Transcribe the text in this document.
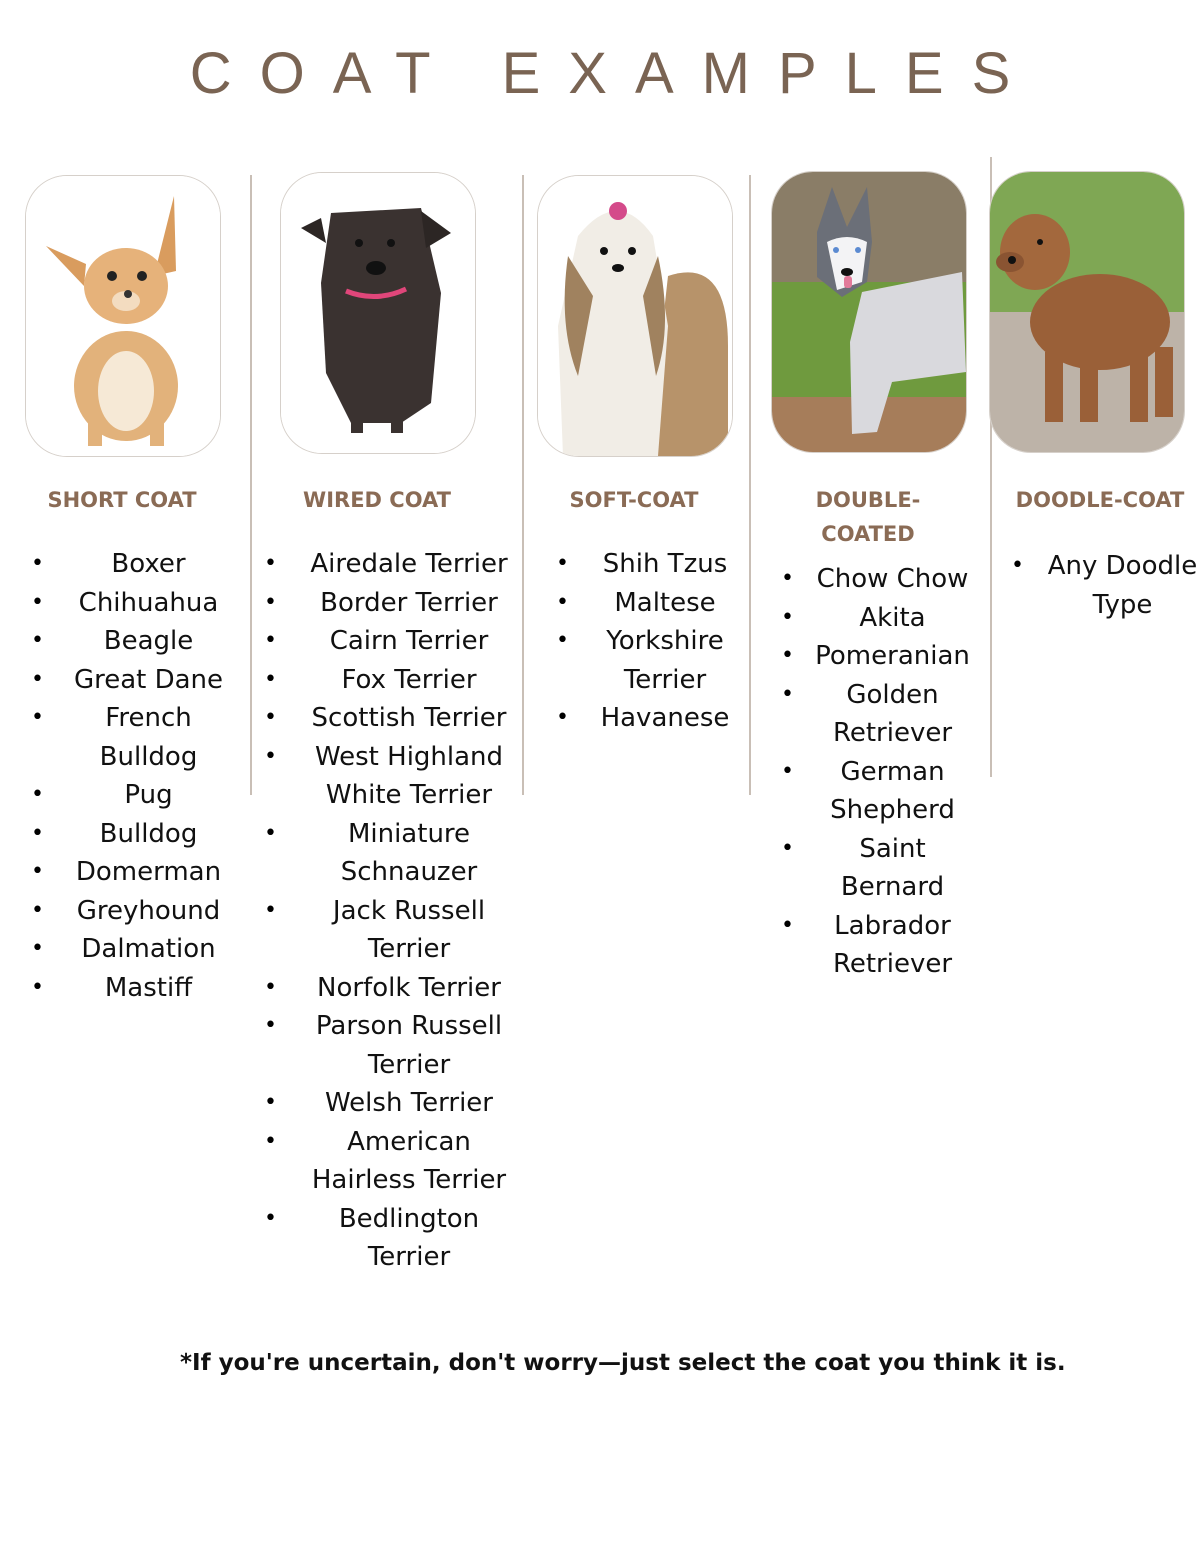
COAT EXAMPLES
SHORT COAT
• Boxer
• Chihuahua
• Beagle
• Great Dane
• French Bulldog
• Pug
• Bulldog
• Domerman
• Greyhound
• Dalmation
• Mastiff
WIRED COAT
• Airedale Terrier
• Border Terrier
• Cairn Terrier
• Fox Terrier
• Scottish Terrier
• West Highland White Terrier
• Miniature Schnauzer
• Jack Russell Terrier
• Norfolk Terrier
• Parson Russell Terrier
• Welsh Terrier
• American Hairless Terrier
• Bedlington Terrier
SOFT-COAT
• Shih Tzus
• Maltese
• Yorkshire Terrier
• Havanese
DOUBLE-COATED
• Chow Chow
• Akita
• Pomeranian
• Golden Retriever
• German Shepherd
• Saint Bernard
• Labrador Retriever
DOODLE-COAT
• Any Doodle Type
*If you're uncertain, don't worry—just select the coat you think it is.
